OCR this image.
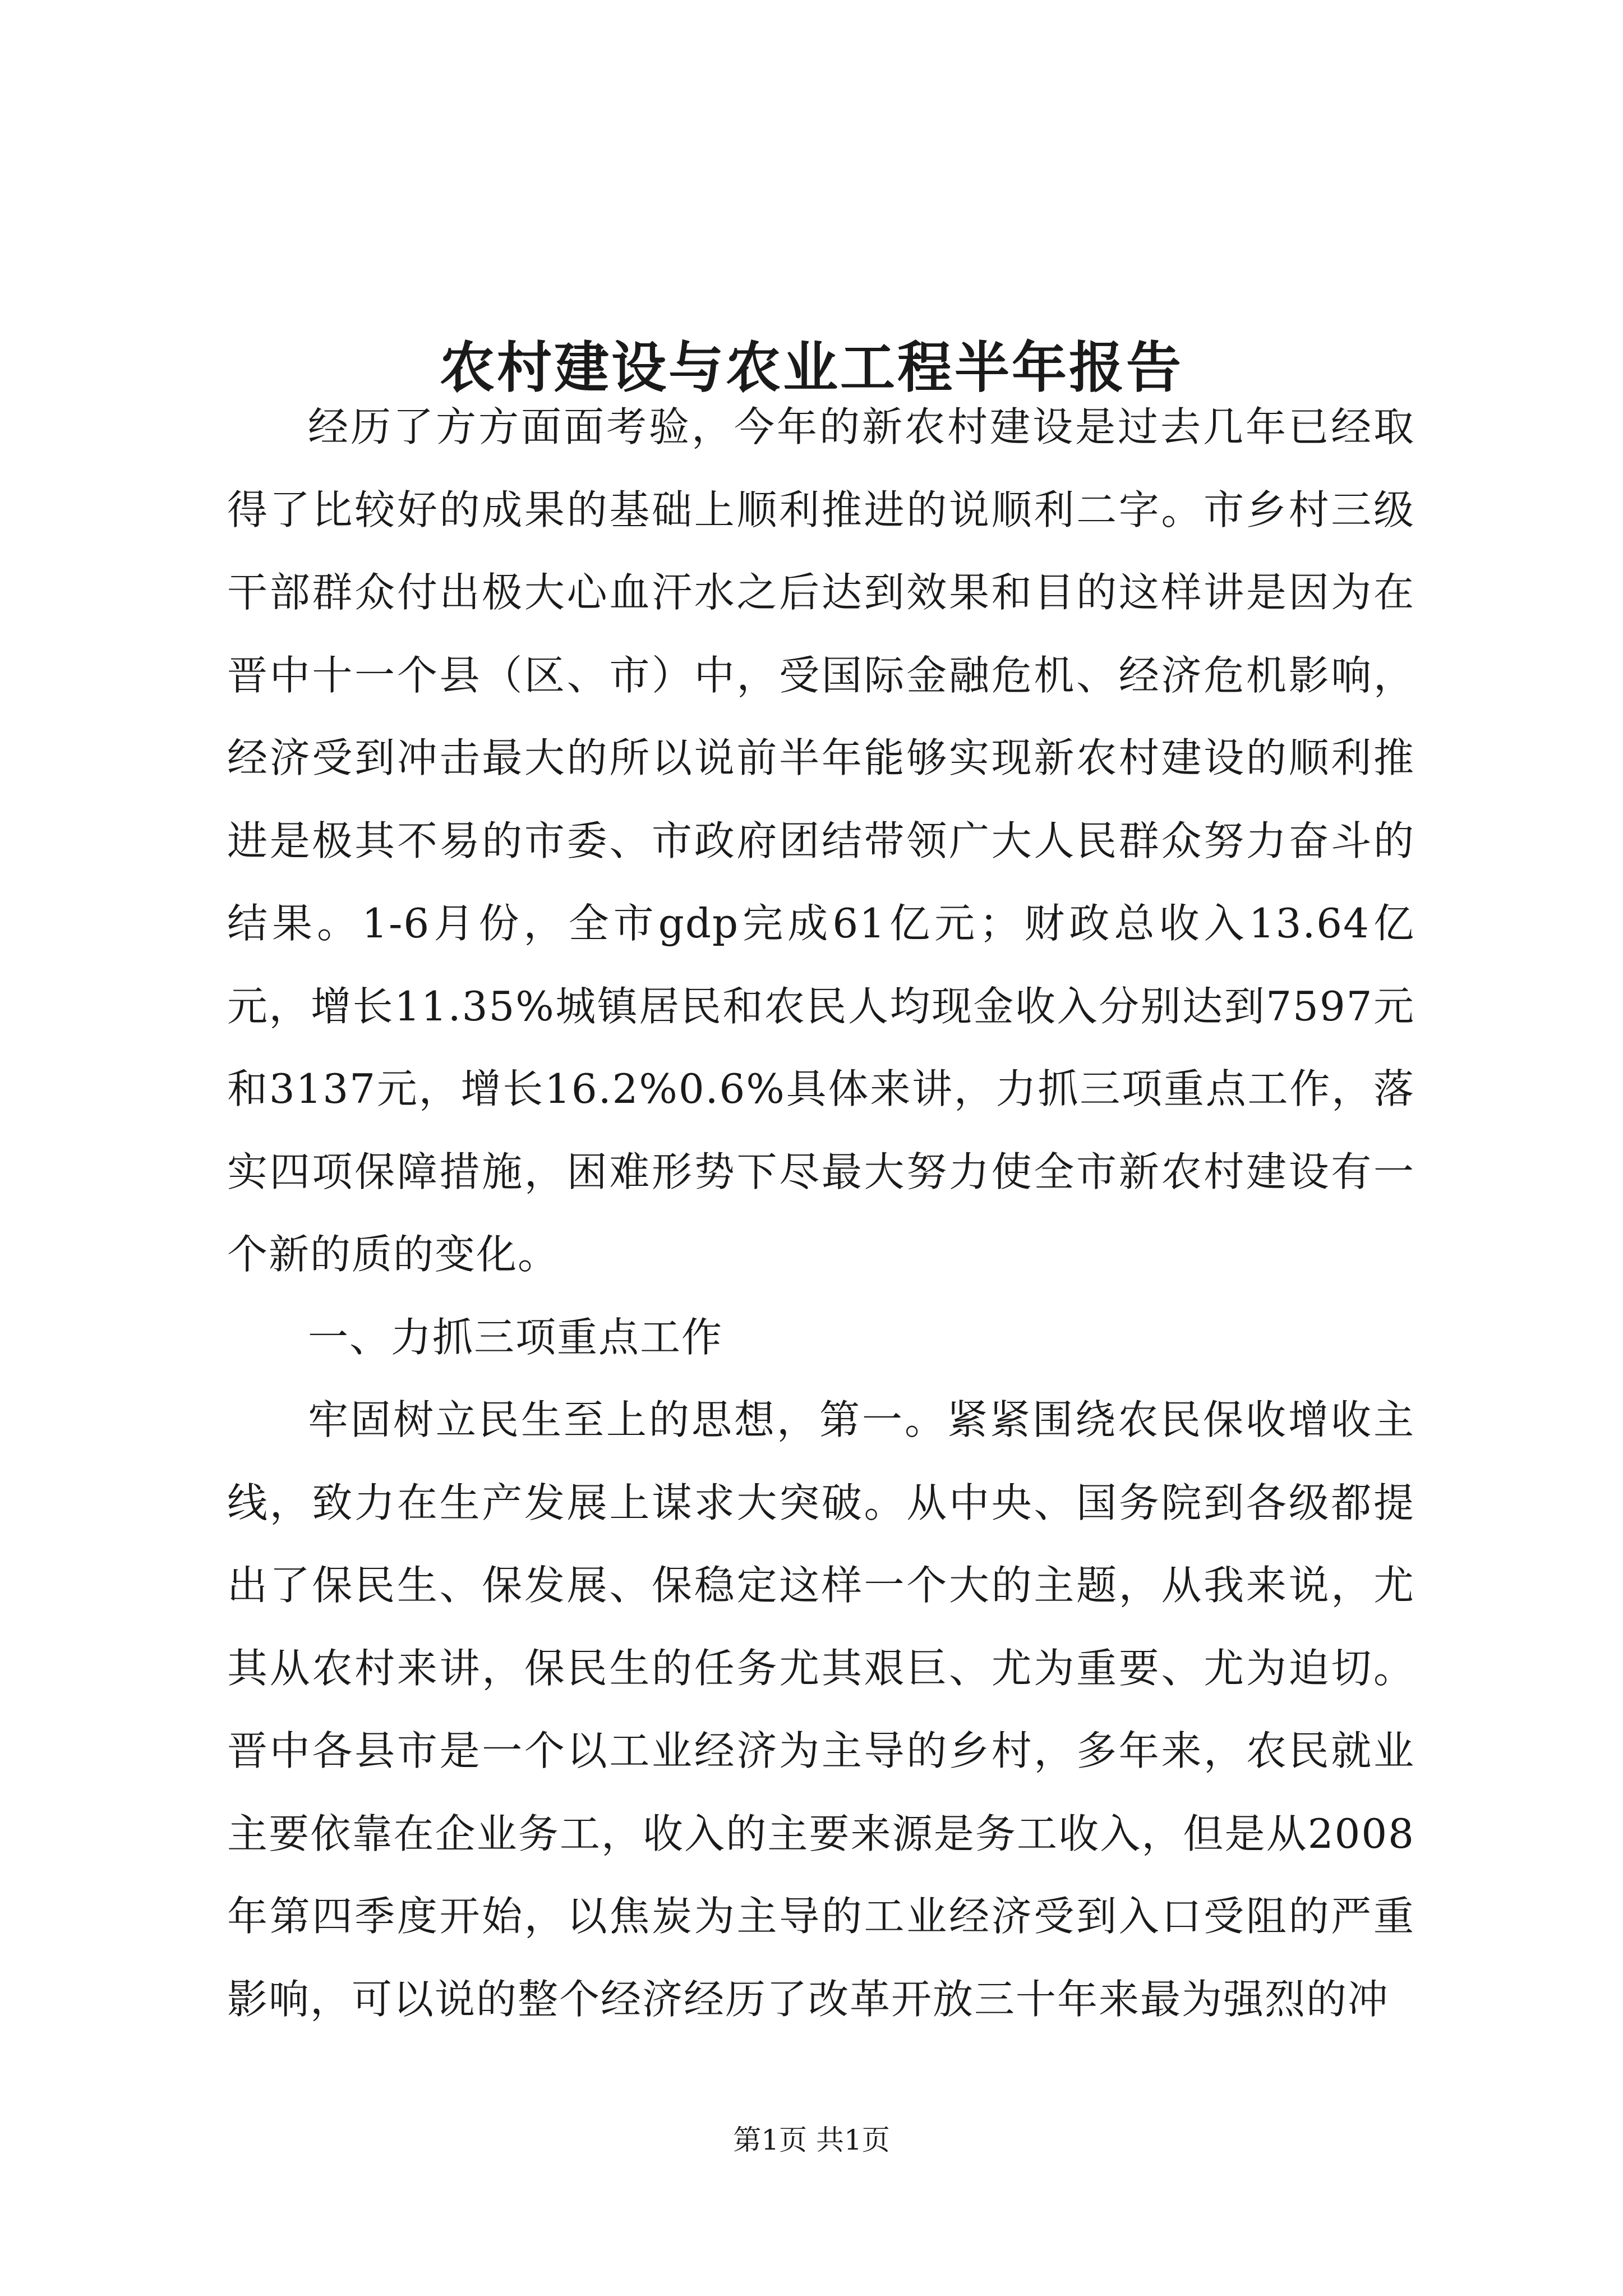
农村建设与农业工程半年报告

经历了方方面面考验，今年的新农村建设是过去几年已经取得了比较好的成果的基础上顺利推进的说顺利二字。市乡村三级干部群众付出极大心血汗水之后达到效果和目的这样讲是因为在晋中十一个县（区、市）中，受国际金融危机、经济危机影响，经济受到冲击最大的所以说前半年能够实现新农村建设的顺利推进是极其不易的市委、市政府团结带领广大人民群众努力奋斗的结果。1-6月份，全市gdp完成61亿元；财政总收入13.64亿元，增长11.35%城镇居民和农民人均现金收入分别达到7597元和3137元，增长16.2%0.6%具体来讲，力抓三项重点工作，落实四项保障措施，困难形势下尽最大努力使全市新农村建设有一个新的质的变化。

一、力抓三项重点工作

牢固树立民生至上的思想，第一。紧紧围绕农民保收增收主线，致力在生产发展上谋求大突破。从中央、国务院到各级都提出了保民生、保发展、保稳定这样一个大的主题，从我来说，尤其从农村来讲，保民生的任务尤其艰巨、尤为重要、尤为迫切。晋中各县市是一个以工业经济为主导的乡村，多年来，农民就业主要依靠在企业务工，收入的主要来源是务工收入，但是从2008年第四季度开始，以焦炭为主导的工业经济受到入口受阻的严重影响，可以说的整个经济经历了改革开放三十年来最为强烈的冲

第1页 共1页
